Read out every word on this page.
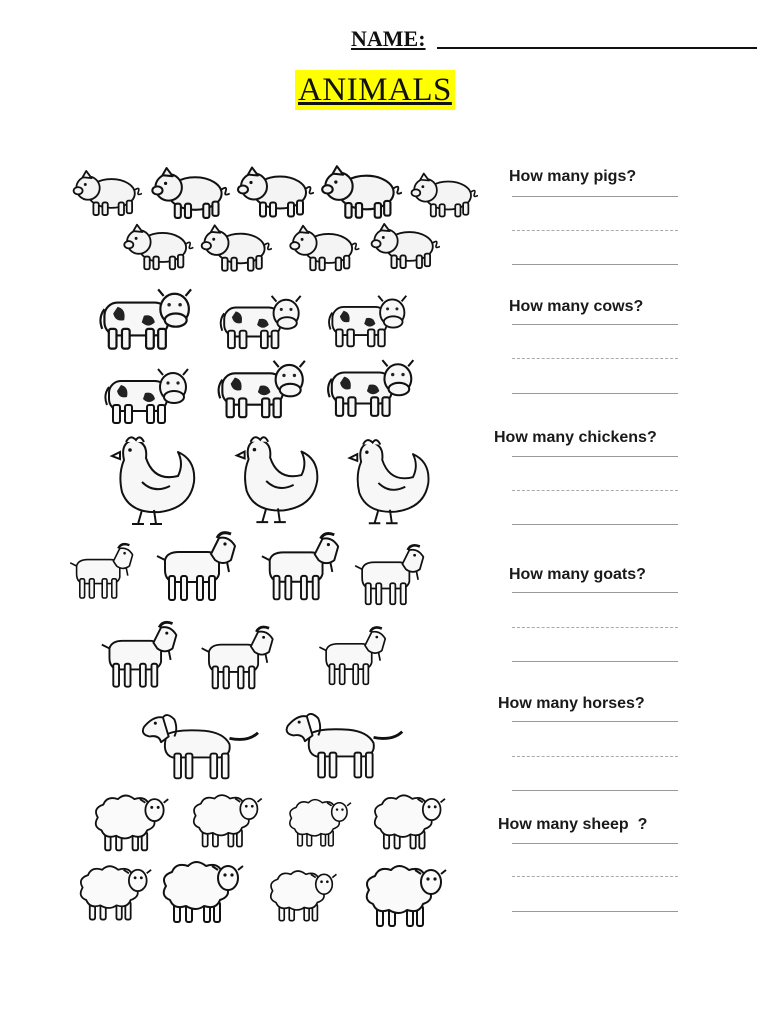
NAME:
ANIMALS
How many pigs?
How many cows?
How many chickens?
How many goats?
How many horses?
How many sheep  ?
